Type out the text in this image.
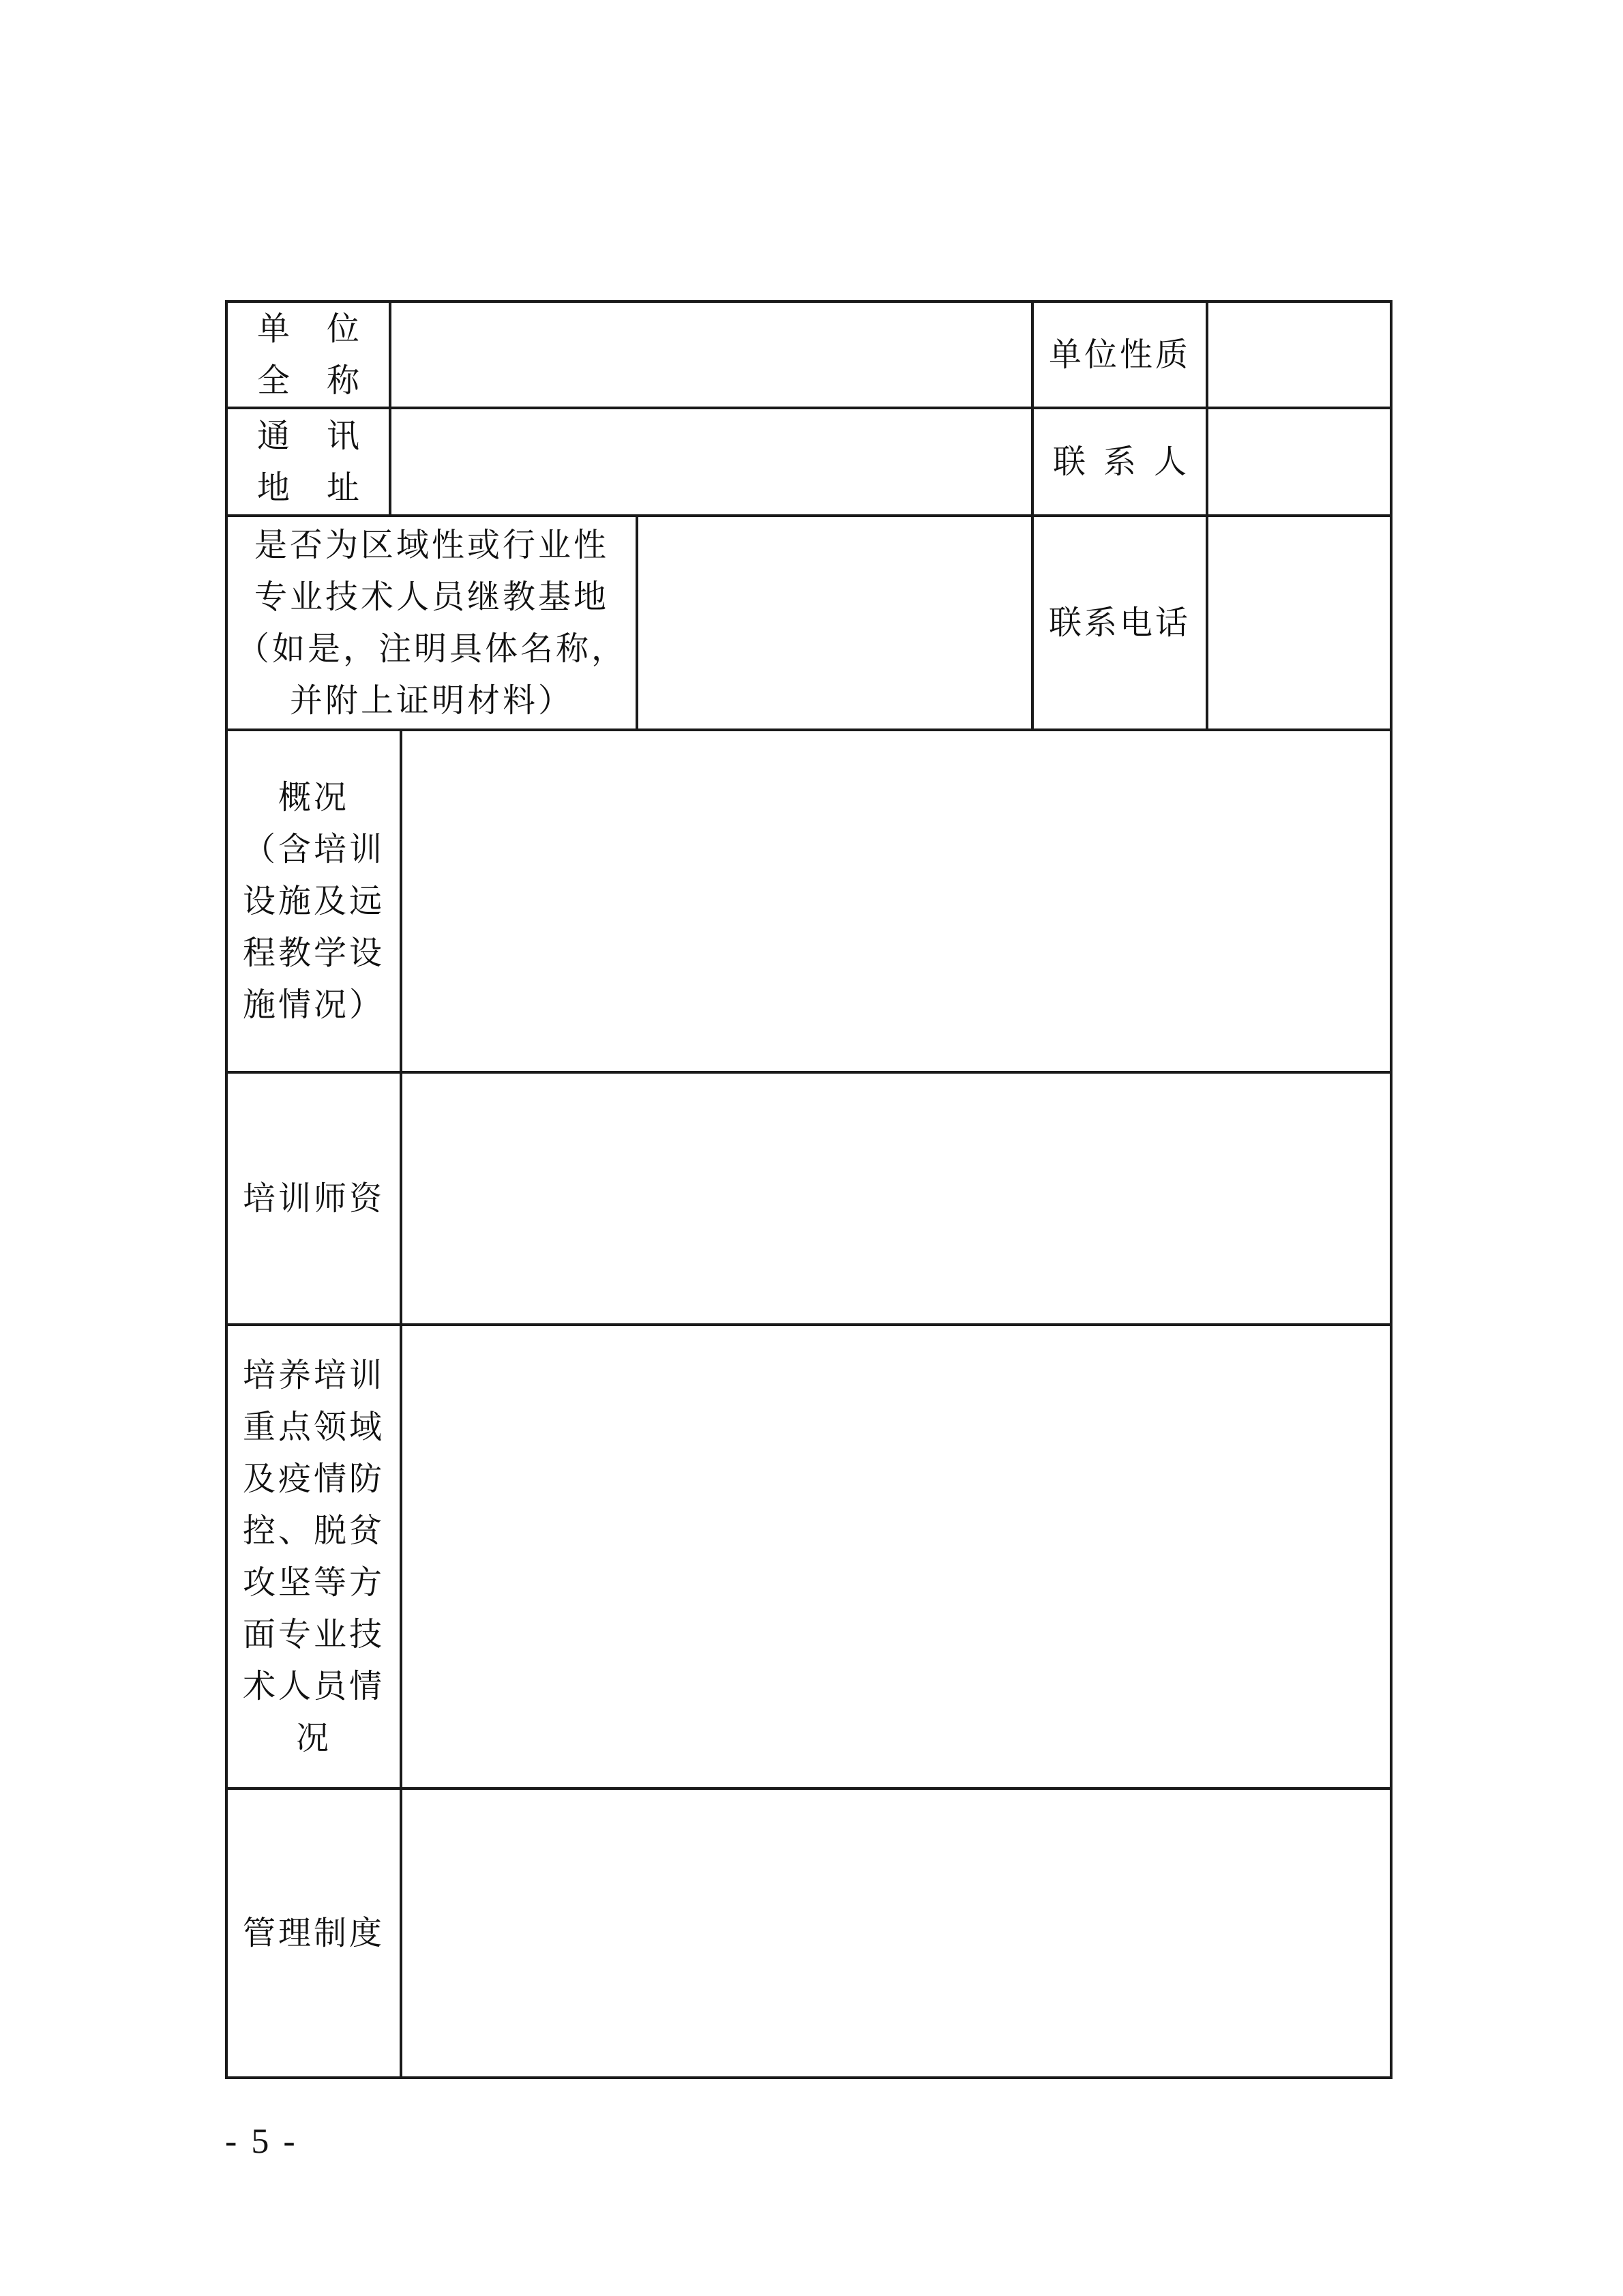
单位
全称
单位性质
通讯
地址
联系人
是否为区域性或行业性
专业技术人员继教基地
（如是，注明具体名称，
并附上证明材料）
联系电话
概况
（含培训
设施及远
程教学设
施情况）
培训师资
培养培训
重点领域
及疫情防
控、脱贫
攻坚等方
面专业技
术人员情
况
管理制度
- 5 -
